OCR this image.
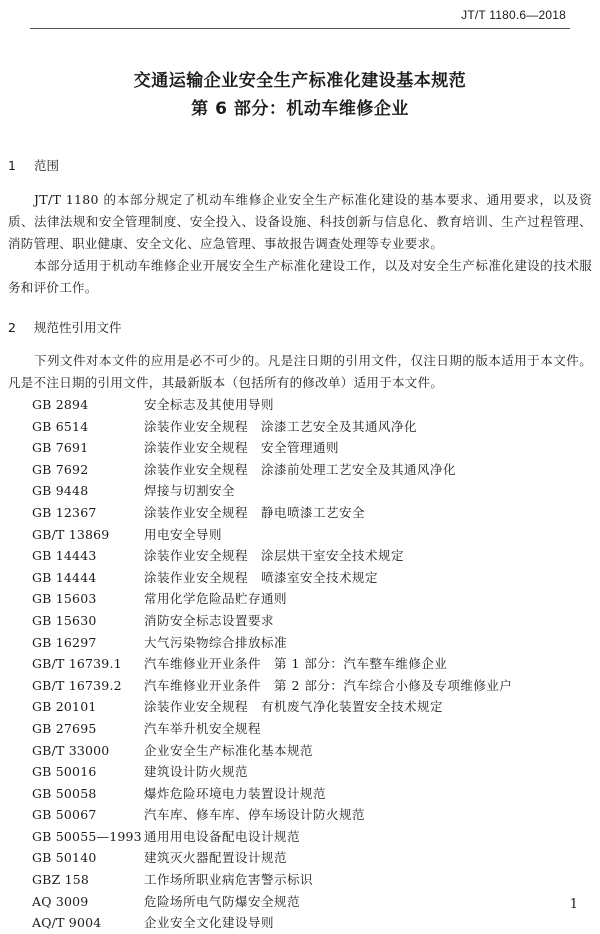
JT/T 1180.6—2018
交通运输企业安全生产标准化建设基本规范
第 6 部分：机动车维修企业
1 范围

JT/T 1180 的本部分规定了机动车维修企业安全生产标准化建设的基本要求、通用要求，以及资质、法律法规和安全管理制度、安全投入、设备设施、科技创新与信息化、教育培训、生产过程管理、消防管理、职业健康、安全文化、应急管理、事故报告调查处理等专业要求。

本部分适用于机动车维修企业开展安全生产标准化建设工作，以及对安全生产标准化建设的技术服务和评价工作。

2 规范性引用文件

下列文件对本文件的应用是必不可少的。凡是注日期的引用文件，仅注日期的版本适用于本文件。凡是不注日期的引用文件，其最新版本（包括所有的修改单）适用于本文件。

GB 2894	安全标志及其使用导则
GB 6514	涂装作业安全规程　涂漆工艺安全及其通风净化
GB 7691	涂装作业安全规程　安全管理通则
GB 7692	涂装作业安全规程　涂漆前处理工艺安全及其通风净化
GB 9448	焊接与切割安全
GB 12367	涂装作业安全规程　静电喷漆工艺安全
GB/T 13869	用电安全导则
GB 14443	涂装作业安全规程　涂层烘干室安全技术规定
GB 14444	涂装作业安全规程　喷漆室安全技术规定
GB 15603	常用化学危险品贮存通则
GB 15630	消防安全标志设置要求
GB 16297	大气污染物综合排放标准
GB/T 16739.1 汽车维修业开业条件　第 1 部分：汽车整车维修企业
GB/T 16739.2 汽车维修业开业条件　第 2 部分：汽车综合小修及专项维修业户
GB 20101	涂装作业安全规程　有机废气净化装置安全技术规定
GB 27695	汽车举升机安全规程
GB/T 33000	企业安全生产标准化基本规范
GB 50016	建筑设计防火规范
GB 50058	爆炸危险环境电力装置设计规范
GB 50067	汽车库、修车库、停车场设计防火规范
GB 50055—1993 通用用电设备配电设计规范
GB 50140	建筑灭火器配置设计规范
GBZ 158	工作场所职业病危害警示标识
AQ 3009	危险场所电气防爆安全规范
AQ/T 9004	企业安全文化建设导则
1
